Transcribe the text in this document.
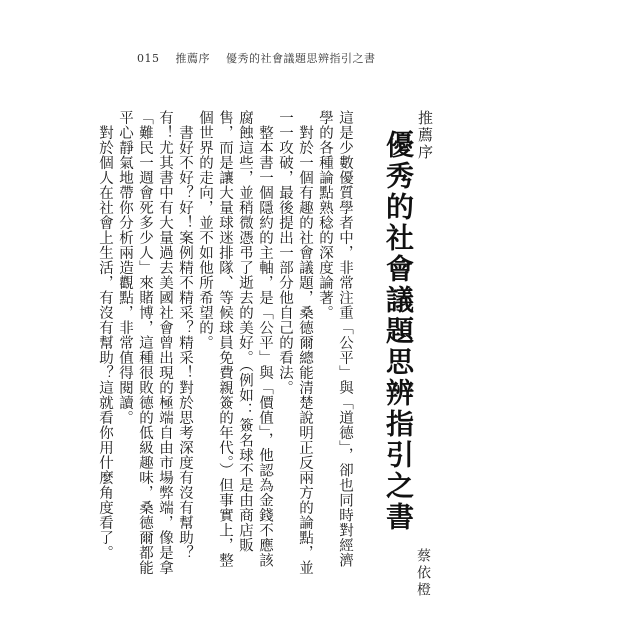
015 推薦序 優秀的社會議題思辨指引之書
推薦序
優秀的社會議題思辨指引之書
蔡依橙

這是少數優質學者中，非常注重「公平」與「道德」，卻也同時對經濟學的各種論點熟稔的深度論著。

對於一個有趣的社會議題，桑德爾總能清楚說明正反兩方的論點，並一一攻破，最後提出一部分他自己的看法。

整本書一個隱約的主軸，是「公平」與「價值」，他認為金錢不應該腐蝕這些，並稍微憑弔了逝去的美好。（例如：簽名球不是由商店販售，而是讓大量球迷排隊、等候球員免費親簽的年代。）但事實上，整個世界的走向，並不如他所希望的。

書好不好？好！案例精不精采？精采！對於思考深度有沒有幫助？有！尤其書中有大量過去美國社會曾出現的極端自由市場弊端，像是拿「難民一週會死多少人」來賭博，這種很敗德的低級趣味，桑德爾都能平心靜氣地帶你分析兩造觀點，非常值得閱讀。

對於個人在社會上生活，有沒有幫助？這就看你用什麼角度看了。
